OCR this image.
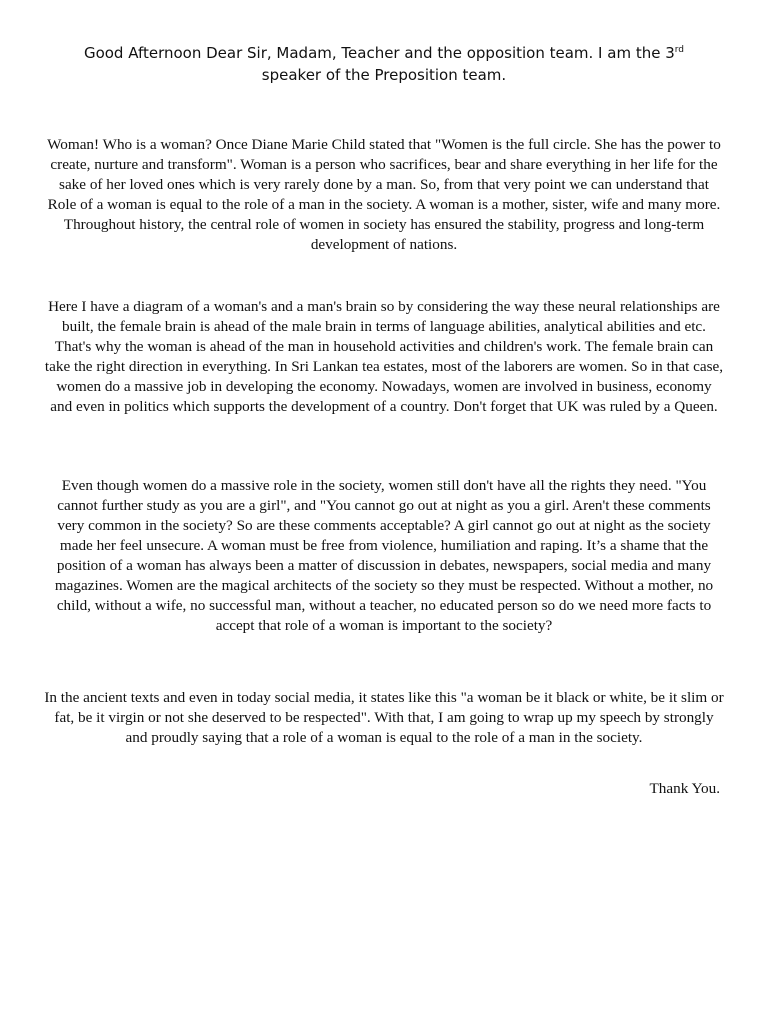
Good Afternoon Dear Sir, Madam, Teacher and the opposition team. I am the 3rd
speaker of the Preposition team.

Woman! Who is a woman? Once Diane Marie Child stated that "Women is the full circle. She has the power to create, nurture and transform". Woman is a person who sacrifices, bear and share everything in her life for the sake of her loved ones which is very rarely done by a man. So, from that very point we can understand that Role of a woman is equal to the role of a man in the society. A woman is a mother, sister, wife and many more. Throughout history, the central role of women in society has ensured the stability, progress and long-term development of nations.

Here I have a diagram of a woman's and a man's brain so by considering the way these neural relationships are built, the female brain is ahead of the male brain in terms of language abilities, analytical abilities and etc. That's why the woman is ahead of the man in household activities and children's work. The female brain can take the right direction in everything. In Sri Lankan tea estates, most of the laborers are women. So in that case, women do a massive job in developing the economy. Nowadays, women are involved in business, economy and even in politics which supports the development of a country. Don't forget that UK was ruled by a Queen.

Even though women do a massive role in the society, women still don't have all the rights they need. "You cannot further study as you are a girl", and "You cannot go out at night as you a girl. Aren't these comments very common in the society? So are these comments acceptable? A girl cannot go out at night as the society made her feel unsecure. A woman must be free from violence, humiliation and raping. It’s a shame that the position of a woman has always been a matter of discussion in debates, newspapers, social media and many magazines. Women are the magical architects of the society so they must be respected. Without a mother, no child, without a wife, no successful man, without a teacher, no educated person so do we need more facts to accept that role of a woman is important to the society?

In the ancient texts and even in today social media, it states like this "a woman be it black or white, be it slim or fat, be it virgin or not she deserved to be respected". With that, I am going to wrap up my speech by strongly and proudly saying that a role of a woman is equal to the role of a man in the society.

Thank You.
